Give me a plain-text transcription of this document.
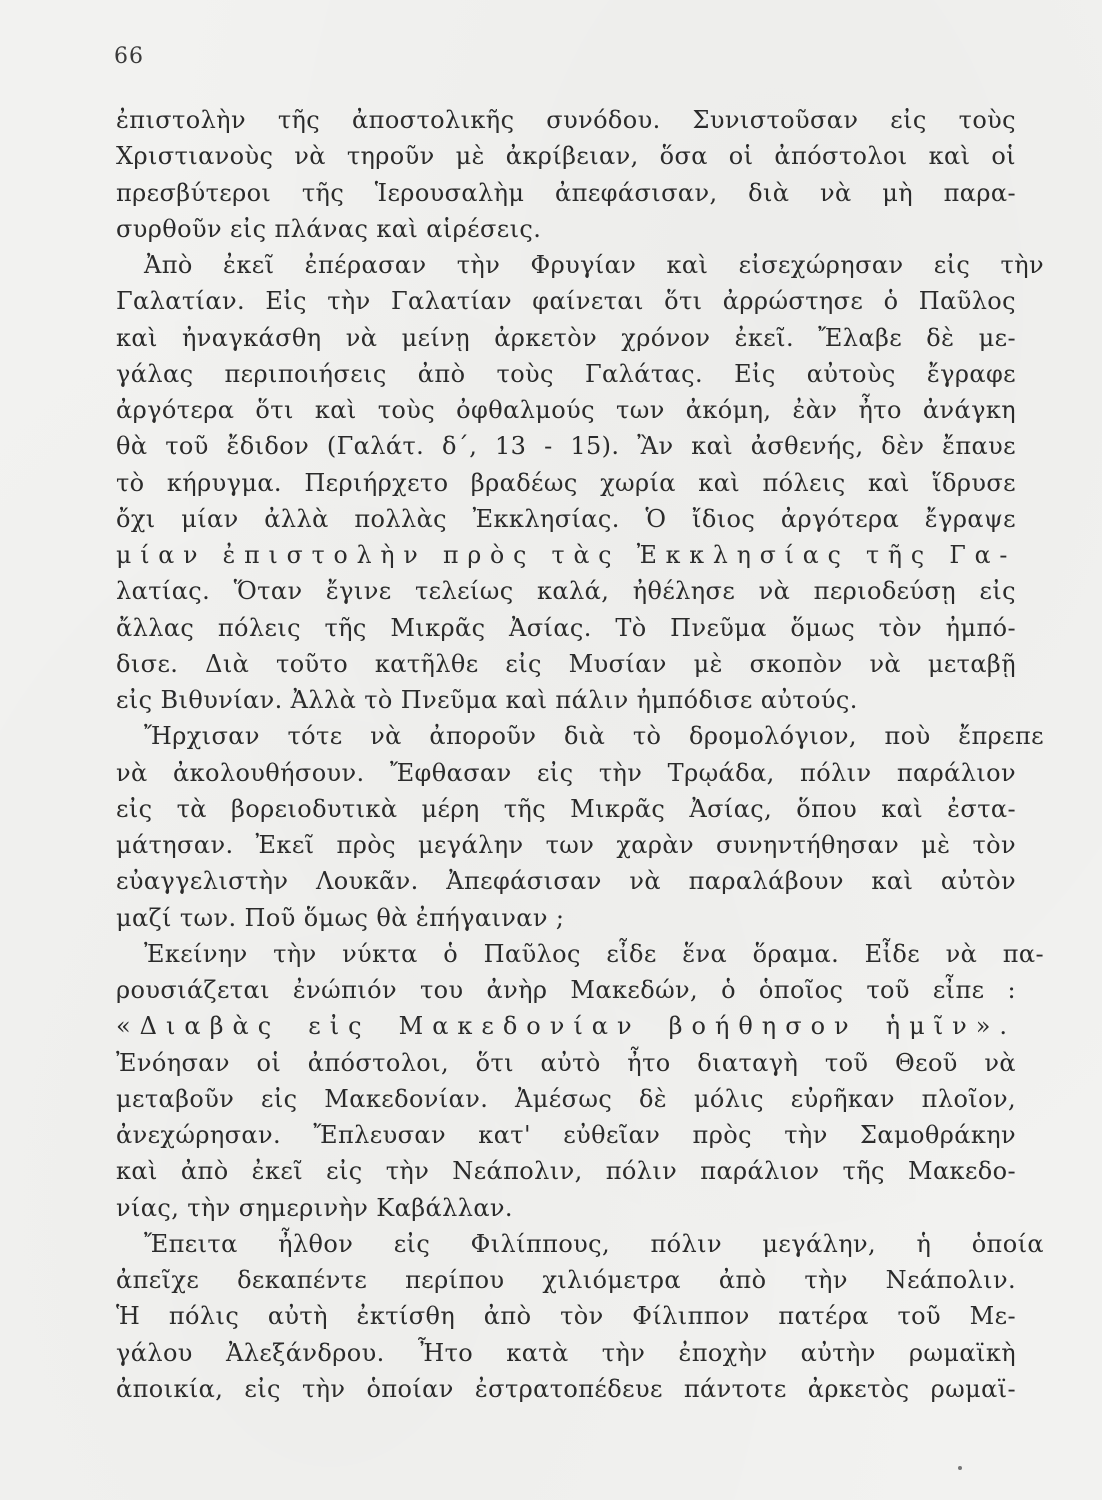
66
ἐπιστολὴν τῆς ἀποστολικῆς συνόδου. Συνιστοῦσαν εἰς τοὺς
Χριστιανοὺς νὰ τηροῦν μὲ ἀκρίβειαν, ὅσα οἱ ἀπόστολοι καὶ οἱ
πρεσβύτεροι τῆς Ἱερουσαλὴμ ἀπεφάσισαν, διὰ νὰ μὴ παρα-
συρθοῦν εἰς πλάνας καὶ αἱρέσεις.
Ἀπὸ ἐκεῖ ἐπέρασαν τὴν Φρυγίαν καὶ εἰσεχώρησαν εἰς τὴν
Γαλατίαν. Εἰς τὴν Γαλατίαν φαίνεται ὅτι ἀρρώστησε ὁ Παῦλος
καὶ ἠναγκάσθη νὰ μείνῃ ἀρκετὸν χρόνον ἐκεῖ. Ἔλαβε δὲ με-
γάλας περιποιήσεις ἀπὸ τοὺς Γαλάτας. Εἰς αὐτοὺς ἔγραφε
ἀργότερα ὅτι καὶ τοὺς ὀφθαλμούς των ἀκόμη, ἐὰν ἦτο ἀνάγκη
θὰ τοῦ ἔδιδον (Γαλάτ. δ΄, 13 - 15). Ἂν καὶ ἀσθενής, δὲν ἔπαυε
τὸ κήρυγμα. Περιήρχετο βραδέως χωρία καὶ πόλεις καὶ ἵδρυσε
ὄχι μίαν ἀλλὰ πολλὰς Ἐκκλησίας. Ὁ ἴδιος ἀργότερα ἔγραψε
μίαν ἐπιστολὴν πρὸς τὰς Ἐκκλησίας τῆς Γα-
λατίας. Ὅταν ἔγινε τελείως καλά, ἠθέλησε νὰ περιοδεύσῃ εἰς
ἄλλας πόλεις τῆς Μικρᾶς Ἀσίας. Τὸ Πνεῦμα ὅμως τὸν ἠμπό-
δισε. Διὰ τοῦτο κατῆλθε εἰς Μυσίαν μὲ σκοπὸν νὰ μεταβῇ
εἰς Βιθυνίαν. Ἀλλὰ τὸ Πνεῦμα καὶ πάλιν ἠμπόδισε αὐτούς.
Ἤρχισαν τότε νὰ ἀποροῦν διὰ τὸ δρομολόγιον, ποὺ ἔπρεπε
νὰ ἀκολουθήσουν. Ἔφθασαν εἰς τὴν Τρῳάδα, πόλιν παράλιον
εἰς τὰ βορειοδυτικὰ μέρη τῆς Μικρᾶς Ἀσίας, ὅπου καὶ ἐστα-
μάτησαν. Ἐκεῖ πρὸς μεγάλην των χαρὰν συνηντήθησαν μὲ τὸν
εὐαγγελιστὴν Λουκᾶν. Ἀπεφάσισαν νὰ παραλάβουν καὶ αὐτὸν
μαζί των. Ποῦ ὅμως θὰ ἐπήγαιναν ;
Ἐκείνην τὴν νύκτα ὁ Παῦλος εἶδε ἕνα ὅραμα. Εἶδε νὰ πα-
ρουσιάζεται ἐνώπιόν του ἀνὴρ Μακεδών, ὁ ὁποῖος τοῦ εἶπε :
«Διαβὰς εἰς Μακεδονίαν βοήθησον ἡμῖν».
Ἐνόησαν οἱ ἀπόστολοι, ὅτι αὐτὸ ἦτο διαταγὴ τοῦ Θεοῦ νὰ
μεταβοῦν εἰς Μακεδονίαν. Ἀμέσως δὲ μόλις εὐρῆκαν πλοῖον,
ἀνεχώρησαν. Ἔπλευσαν κατ' εὐθεῖαν πρὸς τὴν Σαμοθράκην
καὶ ἀπὸ ἐκεῖ εἰς τὴν Νεάπολιν, πόλιν παράλιον τῆς Μακεδο-
νίας, τὴν σημερινὴν Καβάλλαν.
Ἔπειτα ἦλθον εἰς Φιλίππους, πόλιν μεγάλην, ἡ ὁποία
ἀπεῖχε δεκαπέντε περίπου χιλιόμετρα ἀπὸ τὴν Νεάπολιν.
Ἡ πόλις αὐτὴ ἐκτίσθη ἀπὸ τὸν Φίλιππον πατέρα τοῦ Με-
γάλου Ἀλεξάνδρου. Ἦτο κατὰ τὴν ἐποχὴν αὐτὴν ρωμαϊκὴ
ἀποικία, εἰς τὴν ὁποίαν ἐστρατοπέδευε πάντοτε ἀρκετὸς ρωμαϊ-
